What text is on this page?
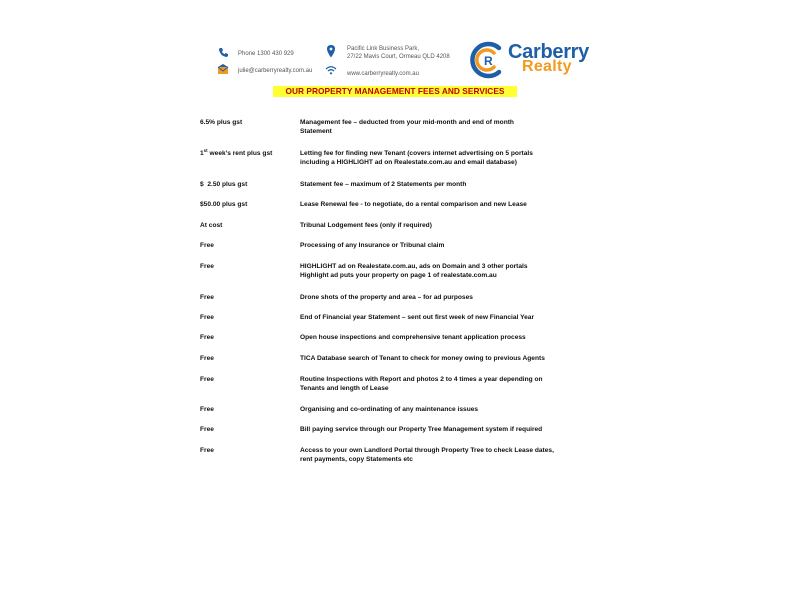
Phone 1300 430 929
julie@carberryrealty.com.au
Pacific Link Business Park,
27/22 Mavis Court, Ormeau QLD 4208
www.carberryrealty.com.au
R Carberry
Realty
OUR PROPERTY MANAGEMENT FEES AND SERVICES
6.5% plus gst	Management fee – deducted from your mid-month and end of month
Statement
1st week’s rent plus gst	Letting fee for finding new Tenant (covers internet advertising on 5 portals
including a HIGHLIGHT ad on Realestate.com.au and email database)
$  2.50 plus gst	Statement fee – maximum of 2 Statements per month
$50.00 plus gst	Lease Renewal fee - to negotiate, do a rental comparison and new Lease
At cost	Tribunal Lodgement fees (only if required)
Free	Processing of any Insurance or Tribunal claim
Free	HIGHLIGHT ad on Realestate.com.au, ads on Domain and 3 other portals
Highlight ad puts your property on page 1 of realestate.com.au
Free	Drone shots of the property and area – for ad purposes
Free	End of Financial year Statement – sent out first week of new Financial Year
Free	Open house inspections and comprehensive tenant application process
Free	TICA Database search of Tenant to check for money owing to previous Agents
Free	Routine Inspections with Report and photos 2 to 4 times a year depending on
Tenants and length of Lease
Free	Organising and co-ordinating of any maintenance issues
Free	Bill paying service through our Property Tree Management system if required
Free	Access to your own Landlord Portal through Property Tree to check Lease dates,
rent payments, copy Statements etc
